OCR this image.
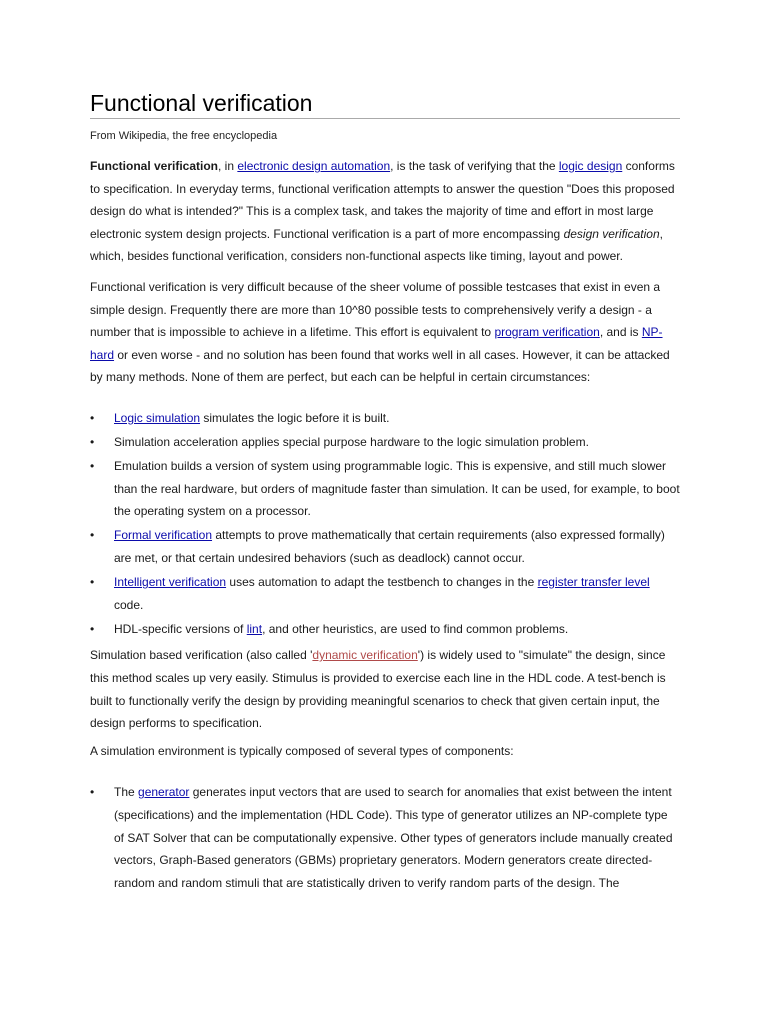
Functional verification
From Wikipedia, the free encyclopedia

Functional verification, in electronic design automation, is the task of verifying that the logic design conforms to specification. In everyday terms, functional verification attempts to answer the question "Does this proposed design do what is intended?" This is a complex task, and takes the majority of time and effort in most large electronic system design projects. Functional verification is a part of more encompassing design verification, which, besides functional verification, considers non-functional aspects like timing, layout and power.

Functional verification is very difficult because of the sheer volume of possible testcases that exist in even a simple design. Frequently there are more than 10^80 possible tests to comprehensively verify a design - a number that is impossible to achieve in a lifetime. This effort is equivalent to program verification, and is NP-hard or even worse - and no solution has been found that works well in all cases. However, it can be attacked by many methods. None of them are perfect, but each can be helpful in certain circumstances:

•	Logic simulation simulates the logic before it is built.
•	Simulation acceleration applies special purpose hardware to the logic simulation problem.
•	Emulation builds a version of system using programmable logic. This is expensive, and still much slower than the real hardware, but orders of magnitude faster than simulation. It can be used, for example, to boot the operating system on a processor.
•	Formal verification attempts to prove mathematically that certain requirements (also expressed formally) are met, or that certain undesired behaviors (such as deadlock) cannot occur.
•	Intelligent verification uses automation to adapt the testbench to changes in the register transfer level code.
•	HDL-specific versions of lint, and other heuristics, are used to find common problems.

Simulation based verification (also called 'dynamic verification') is widely used to "simulate" the design, since this method scales up very easily. Stimulus is provided to exercise each line in the HDL code. A test-bench is built to functionally verify the design by providing meaningful scenarios to check that given certain input, the design performs to specification.

A simulation environment is typically composed of several types of components:

•	The generator generates input vectors that are used to search for anomalies that exist between the intent (specifications) and the implementation (HDL Code). This type of generator utilizes an NP-complete type of SAT Solver that can be computationally expensive. Other types of generators include manually created vectors, Graph-Based generators (GBMs) proprietary generators. Modern generators create directed-random and random stimuli that are statistically driven to verify random parts of the design. The
